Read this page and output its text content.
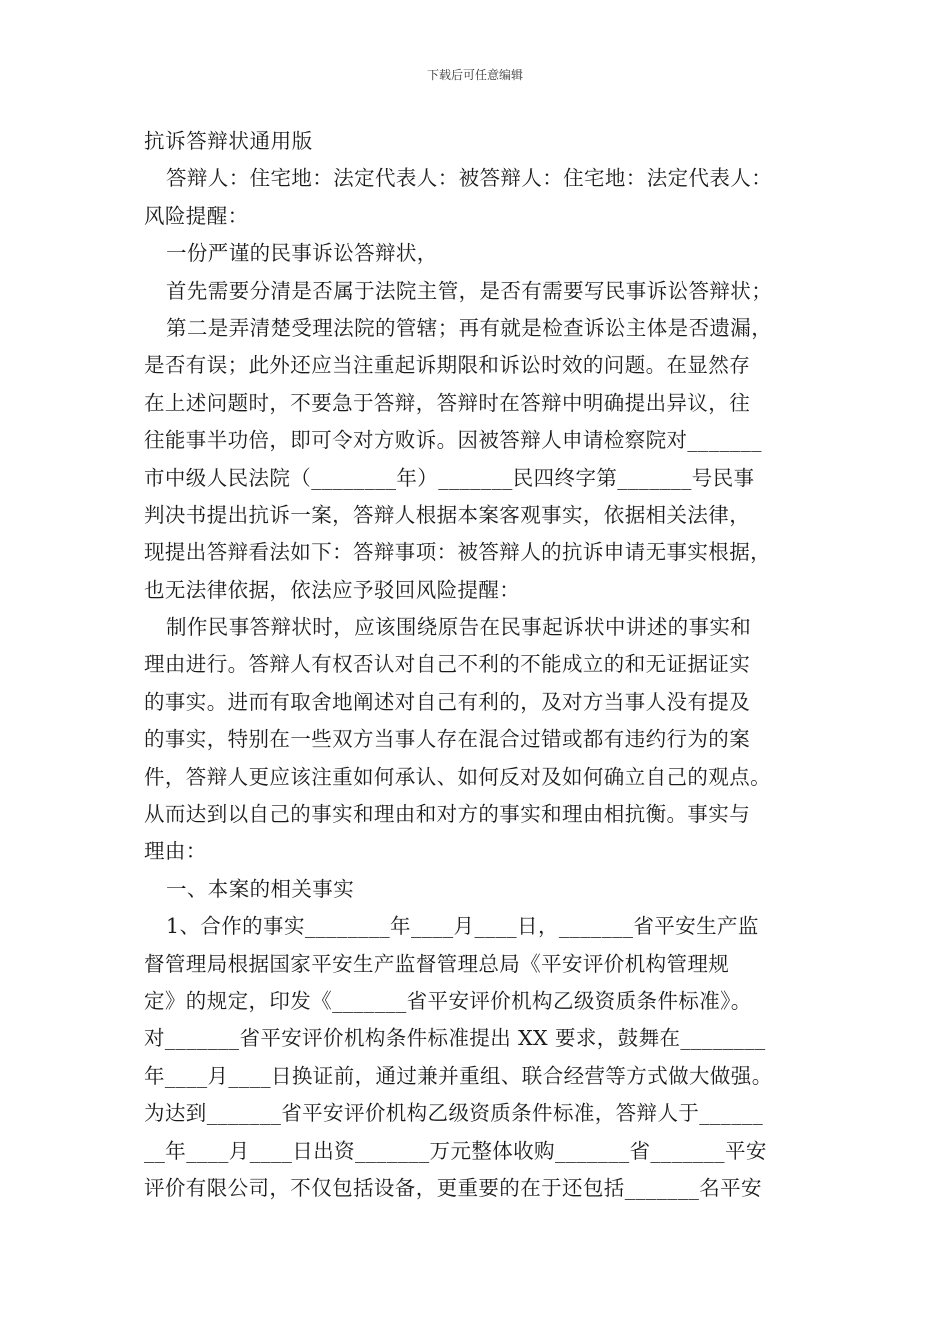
下载后可任意编辑
抗诉答辩状通用版
答辩人：住宅地：法定代表人：被答辩人：住宅地：法定代表人：
风险提醒：
一份严谨的民事诉讼答辩状，
首先需要分清是否属于法院主管，是否有需要写民事诉讼答辩状；
第二是弄清楚受理法院的管辖；再有就是检查诉讼主体是否遗漏，
是否有误；此外还应当注重起诉期限和诉讼时效的问题。在显然存
在上述问题时，不要急于答辩，答辩时在答辩中明确提出异议，往
往能事半功倍，即可令对方败诉。因被答辩人申请检察院对_______
市中级人民法院（________年）_______民四终字第_______号民事
判决书提出抗诉一案，答辩人根据本案客观事实，依据相关法律，
现提出答辩看法如下：答辩事项：被答辩人的抗诉申请无事实根据，
也无法律依据，依法应予驳回风险提醒：
制作民事答辩状时，应该围绕原告在民事起诉状中讲述的事实和
理由进行。答辩人有权否认对自己不利的不能成立的和无证据证实
的事实。进而有取舍地阐述对自己有利的，及对方当事人没有提及
的事实，特别在一些双方当事人存在混合过错或都有违约行为的案
件，答辩人更应该注重如何承认、如何反对及如何确立自己的观点。
从而达到以自己的事实和理由和对方的事实和理由相抗衡。事实与
理由：
一、本案的相关事实
1、合作的事实________年____月____日，_______省平安生产监
督管理局根据国家平安生产监督管理总局《平安评价机构管理规
定》的规定，印发《_______省平安评价机构乙级资质条件标准》。
对_______省平安评价机构条件标准提出 XX 要求，鼓舞在________
年____月____日换证前，通过兼并重组、联合经营等方式做大做强。
为达到_______省平安评价机构乙级资质条件标准，答辩人于______
__年____月____日出资_______万元整体收购_______省_______平安
评价有限公司，不仅包括设备，更重要的在于还包括_______名平安
